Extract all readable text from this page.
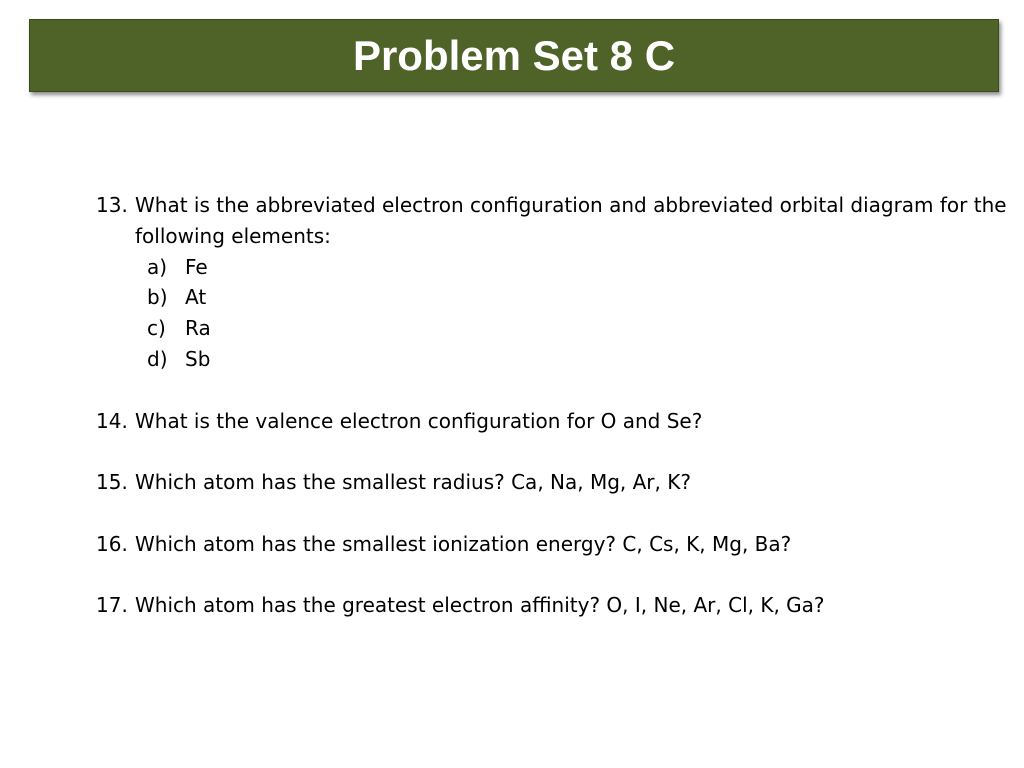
Problem Set 8 C
13. What is the abbreviated electron configuration and abbreviated orbital diagram for the following elements:
a) Fe
b) At
c) Ra
d) Sb
14. What is the valence electron configuration for O and Se?
15. Which atom has the smallest radius? Ca, Na, Mg, Ar, K?
16. Which atom has the smallest ionization energy? C, Cs, K, Mg, Ba?
17. Which atom has the greatest electron affinity? O, I, Ne, Ar, Cl, K, Ga?
